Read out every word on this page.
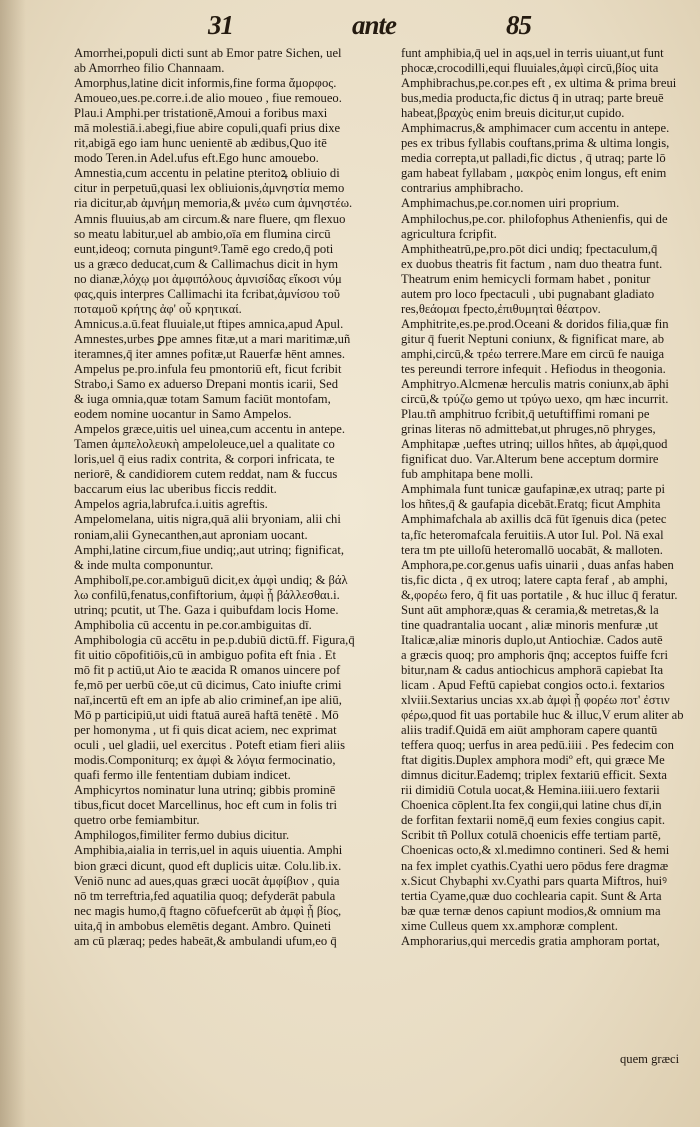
31	ante	85
Amorrhei,populi dicti sunt ab Emor patre Sichen, uel
ab Amorrheo filio Channaam.
Amorphus,latine dicit informis,fine forma ἄμορφος.
Amoueo,ues.pe.corre.i.de alio moueo , fiue remoueo.
Plau.i Amphi.per tristationē,Amoui a foribus maxi
mā molestiā.i.abegi,fiue abire copuli,quafi prius dixe
rit,abigā ego iam hunc uenientē ab ædibus,Quo itē
modo Teren.in Adel.ufus eft.Ego hunc amouebo.
Amnestia,cum accentu in pelatine pteritoꝝ obliuio di
citur in perpetuū,quasi lex obliuionis,ἀμνηστία memo
ria dicitur,ab ἀμνήμη memoria,& μνέω cum ἀμνηστέω.
Amnis fluuius,ab am circum.& nare fluere, qm flexuo
so meatu labitur,uel ab ambio,oīa em flumina circū
eunt,ideoq; cornuta pinguntꝰ.Tamē ego credo,q̄ poti
us a græco deducat,cum & Callimachus dicit in hym
no dianæ,λόχῳ μοι ἀμφιπόλους ἀμνισίδας εἴκοσι νύμ
φας,quis interpres Callimachi ita fcribat,ἀμνίσου τοῦ
ποταμοῦ κρήτης ἀφ' οὗ κρητικαί.
Amnicus.a.ū.feat fluuiale,ut ftipes amnica,apud Apul.
Amnestes,urbes ꝑpe amnes fitæ,ut a mari maritimæ,uñ
iteramnes,q̄ iter amnes pofitæ,ut Rauerfæ hēnt amnes.
Ampelus pe.pro.infula feu pmontoriū eft, ficut fcribit
Strabo,i Samo ex aduerso Drepani montis icarii, Sed
& iuga omnia,quæ totam Samum faciūt montofam,
eodem nomine uocantur in Samo Ampelos.
Ampelos græce,uitis uel uinea,cum accentu in antepe.
Tamen ἀμπελολευκὴ ampeloleuce,uel a qualitate co
loris,uel q̄ eius radix contrita, & corpori infricata, te
neriorē, & candidiorem cutem reddat, nam & fuccus
baccarum eius lac uberibus ficcis reddit.
Ampelos agria,labrufca.i.uitis agreftis.
Ampelomelana, uitis nigra,quā alii bryoniam, alii chi
roniam,alii Gynecanthen,aut aproniam uocant.
Amphi,latine circum,fiue undiq;,aut utrinq; fignificat,
& inde multa componuntur.
Amphibolī,pe.cor.ambiguū dicit,ex ἀμφὶ undiq; & βάλ
λω confilū,fenatus,confiftorium, ἀμφὶ ᾗ βάλλεσθαι.i.
utrinq; pcutit, ut The. Gaza i quibufdam locis Home.
Amphibolia cū accentu in pe.cor.ambiguitas dī.
Amphibologia cū accētu in pe.p.dubiū dictū.ff. Figura,q̄
fit uitio cōpofitiōis,cū in ambiguo pofita eft fnia . Et
mō fit p actiū,ut Aio te æacida R omanos uincere pof
fe,mō per uerbū cōe,ut cū dicimus, Cato iniufte crimi
naī,incertū eft em an ipfe ab alio criminef,an ipe aliū,
Mō p participiū,ut uidi ftatuā aureā haftā tenētē . Mō
per homonyma , ut fi quis dicat aciem, nec exprimat
oculi , uel gladii, uel exercitus . Poteft etiam fieri aliis
modis.Componiturq; ex ἀμφὶ & λόγια fermocinatio,
quafi fermo ille fententiam dubiam indicet.
Amphicyrtos nominatur luna utrinq; gibbis prominē
tibus,ficut docet Marcellinus, hoc eft cum in folis tri
quetro orbe femiambitur.
Amphilogos,fimiliter fermo dubius dicitur.
Amphibia,aialia in terris,uel in aquis uiuentia. Amphi
bion græci dicunt, quod eft duplicis uitæ. Colu.lib.ix.
Veniō nunc ad aues,quas græci uocāt ἀμφίβιον , quia
nō tm terreftria,fed aquatilia quoq; defyderāt pabula
nec magis humo,q̄ ftagno cōfuefcerūt ab ἀμφὶ ᾗ βίος,
uita,q̄ in ambobus elemētis degant. Ambro. Quineti
am cū plæraq; pedes habeāt,& ambulandi ufum,eo q̄
funt amphibia,q̄ uel in aqs,uel in terris uiuant,ut funt
phocæ,crocodilli,equi fluuiales,ἀμφὶ circū,βίος uita
Amphibrachus,pe.cor.pes eft , ex ultima & prima breui
bus,media producta,fic dictus q̄ in utraq; parte breuē
habeat,βραχὺς enim breuis dicitur,ut cupido.
Amphimacrus,& amphimacer cum accentu in antepe.
pes ex tribus fyllabis couftans,prima & ultima longis,
media correpta,ut palladi,fic dictus , q̄ utraq; parte lō
gam habeat fyllabam , μακρὸς enim longus, eft enim
contrarius amphibracho.
Amphimachus,pe.cor.nomen uiri proprium.
Amphilochus,pe.cor. philofophus Athenienfis, qui de
agricultura fcripfit.
Amphitheatrū,pe,pro.pōt dici undiq; fpectaculum,q̄
ex duobus theatris fit factum , nam duo theatra funt.
Theatrum enim hemicycli formam habet , ponitur
autem pro loco fpectaculi , ubi pugnabant gladiato
res,θεάομαι fpecto,ἐπιθυμηταὶ θέατρον.
Amphitrite,es.pe.prod.Oceani & doridos filia,quæ fin
gitur q̄ fuerit Neptuni coniunx, & fignificat mare, ab
amphi,circū,& τρέω terrere.Mare em circū fe nauiga
tes pereundi terrore infequit . Hefiodus in theogonia.
Amphitryo.Alcmenæ herculis matris coniunx,ab āphi
circū,& τρύζω gemo ut τρύγω uexo, qm hæc incurrit.
Plau.tñ amphitruo fcribit,q̄ uetuftiffimi romani pe
grinas literas nō admittebat,ut phruges,nō phryges,
Amphitapæ ,ueftes utrinq; uillos hñtes, ab ἀμφὶ,quod
fignificat duo. Var.Alterum bene acceptum dormire
fub amphitapa bene molli.
Amphimala funt tunicæ gaufapinæ,ex utraq; parte pi
los hñtes,q̄ & gaufapia dicebāt.Eratq; ficut Amphita
Amphimafchala ab axillis dcā fūt īgenuis dica (petec
ta,fīc heteromafcala feruitiis.A utor Iul. Pol. Nā exal
tera tm pte uilloſū heteromallō uocabāt, & malloten.
Amphora,pe.cor.genus uafis uinarii , duas anfas haben
tis,fic dicta , q̄ ex utroq; latere capta feraf , ab amphi,
&,φορέω fero, q̄ fit uas portatile , & huc illuc q̄ feratur.
Sunt aūt amphoræ,quas & ceramia,& metretas,& la
tine quadrantalia uocant , aliæ minoris menfuræ ,ut
Italicæ,aliæ minoris duplo,ut Antiochiæ. Cados autē
a græcis quoq; pro amphoris q̄nq; acceptos fuiffe fcri
bitur,nam & cadus antiochicus amphorā capiebat Ita
licam . Apud Feftū capiebat congios octo.i. fextarios
xlviii.Sextarius uncias xx.ab ἀμφὶ ᾗ φορέω ποτ' ἐστιν
φέρω,quod fit uas portabile huc & illuc,V erum aliter ab
aliis tradif.Quidā em aiūt amphoram capere quantū
teffera quoq; uerfus in area pedū.iiii . Pes fedecim con
ftat digitis.Duplex amphora modiº eft, qui græce Me
dimnus dicitur.Eademq; triplex fextariū efficit. Sexta
rii dimidiū Cotula uocat,& Hemina.iiii.uero fextarii
Choenica cōplent.Ita fex congii,qui latine chus dī,in
de forfitan fextarii nomē,q̄ eum fexies congius capit.
Scribit tñ Pollux cotulā choenicis effe tertiam partē,
Choenicas octo,& xl.medimno contineri. Sed & hemi
na fex implet cyathis.Cyathi uero pōdus fere dragmæ
x.Sicut Chybaphi xv.Cyathi pars quarta Miftros, huiꝰ
tertia Cyame,quæ duo cochlearia capit. Sunt & Arta
bæ quæ ternæ denos capiunt modios,& omnium ma
xime Culleus quem xx.amphoræ complent.
Amphorarius,qui mercedis gratia amphoram portat,
quem græci
